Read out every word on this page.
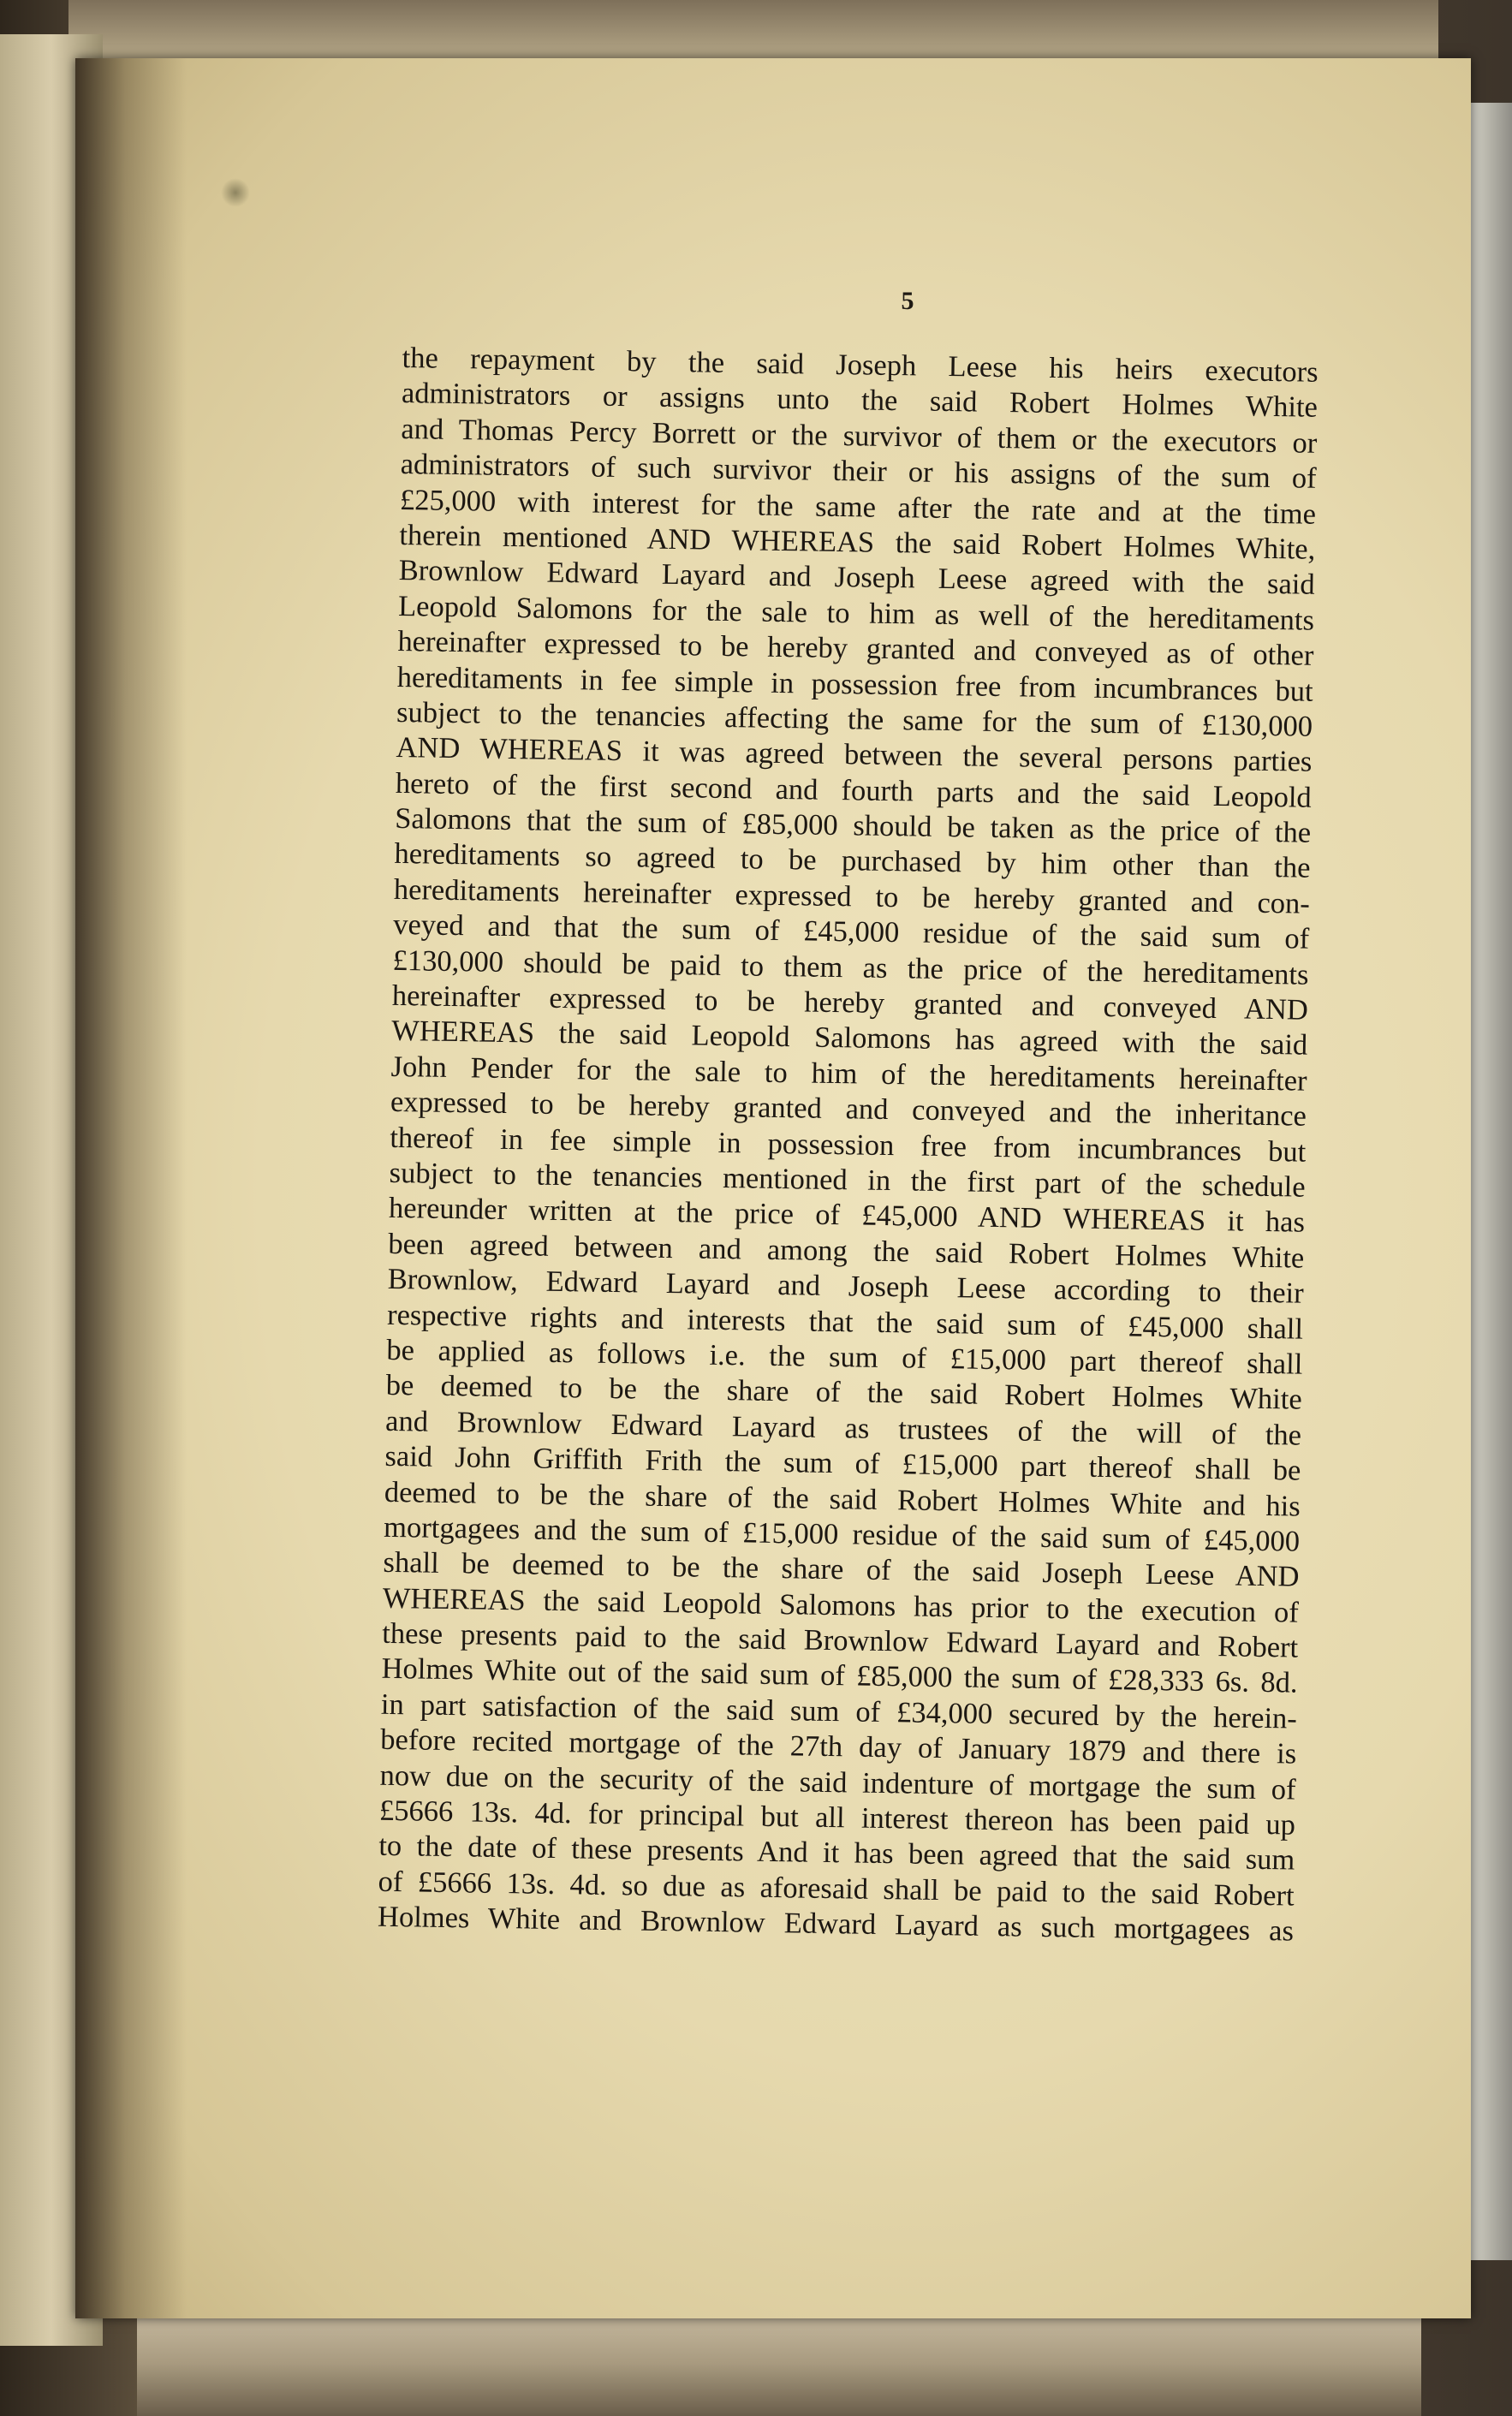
5
the repayment by the said Joseph Leese his heirs executors
administrators or assigns unto the said Robert Holmes White
and Thomas Percy Borrett or the survivor of them or the executors or
administrators of such survivor their or his assigns of the sum of
£25,000 with interest for the same after the rate and at the time
therein mentioned AND WHEREAS the said Robert Holmes White,
Brownlow Edward Layard and Joseph Leese agreed with the said
Leopold Salomons for the sale to him as well of the hereditaments
hereinafter expressed to be hereby granted and conveyed as of other
hereditaments in fee simple in possession free from incumbrances but
subject to the tenancies affecting the same for the sum of £130,000
AND WHEREAS it was agreed between the several persons parties
hereto of the first second and fourth parts and the said Leopold
Salomons that the sum of £85,000 should be taken as the price of the
hereditaments so agreed to be purchased by him other than the
hereditaments hereinafter expressed to be hereby granted and con-
veyed and that the sum of £45,000 residue of the said sum of
£130,000 should be paid to them as the price of the hereditaments
hereinafter expressed to be hereby granted and conveyed AND
WHEREAS the said Leopold Salomons has agreed with the said
John Pender for the sale to him of the hereditaments hereinafter
expressed to be hereby granted and conveyed and the inheritance
thereof in fee simple in possession free from incumbrances but
subject to the tenancies mentioned in the first part of the schedule
hereunder written at the price of £45,000 AND WHEREAS it has
been agreed between and among the said Robert Holmes White
Brownlow, Edward Layard and Joseph Leese according to their
respective rights and interests that the said sum of £45,000 shall
be applied as follows i.e. the sum of £15,000 part thereof shall
be deemed to be the share of the said Robert Holmes White
and Brownlow Edward Layard as trustees of the will of the
said John Griffith Frith the sum of £15,000 part thereof shall be
deemed to be the share of the said Robert Holmes White and his
mortgagees and the sum of £15,000 residue of the said sum of £45,000
shall be deemed to be the share of the said Joseph Leese AND
WHEREAS the said Leopold Salomons has prior to the execution of
these presents paid to the said Brownlow Edward Layard and Robert
Holmes White out of the said sum of £85,000 the sum of £28,333 6s. 8d.
in part satisfaction of the said sum of £34,000 secured by the herein-
before recited mortgage of the 27th day of January 1879 and there is
now due on the security of the said indenture of mortgage the sum of
£5666 13s. 4d. for principal but all interest thereon has been paid up
to the date of these presents And it has been agreed that the said sum
of £5666 13s. 4d. so due as aforesaid shall be paid to the said Robert
Holmes White and Brownlow Edward Layard as such mortgagees as
